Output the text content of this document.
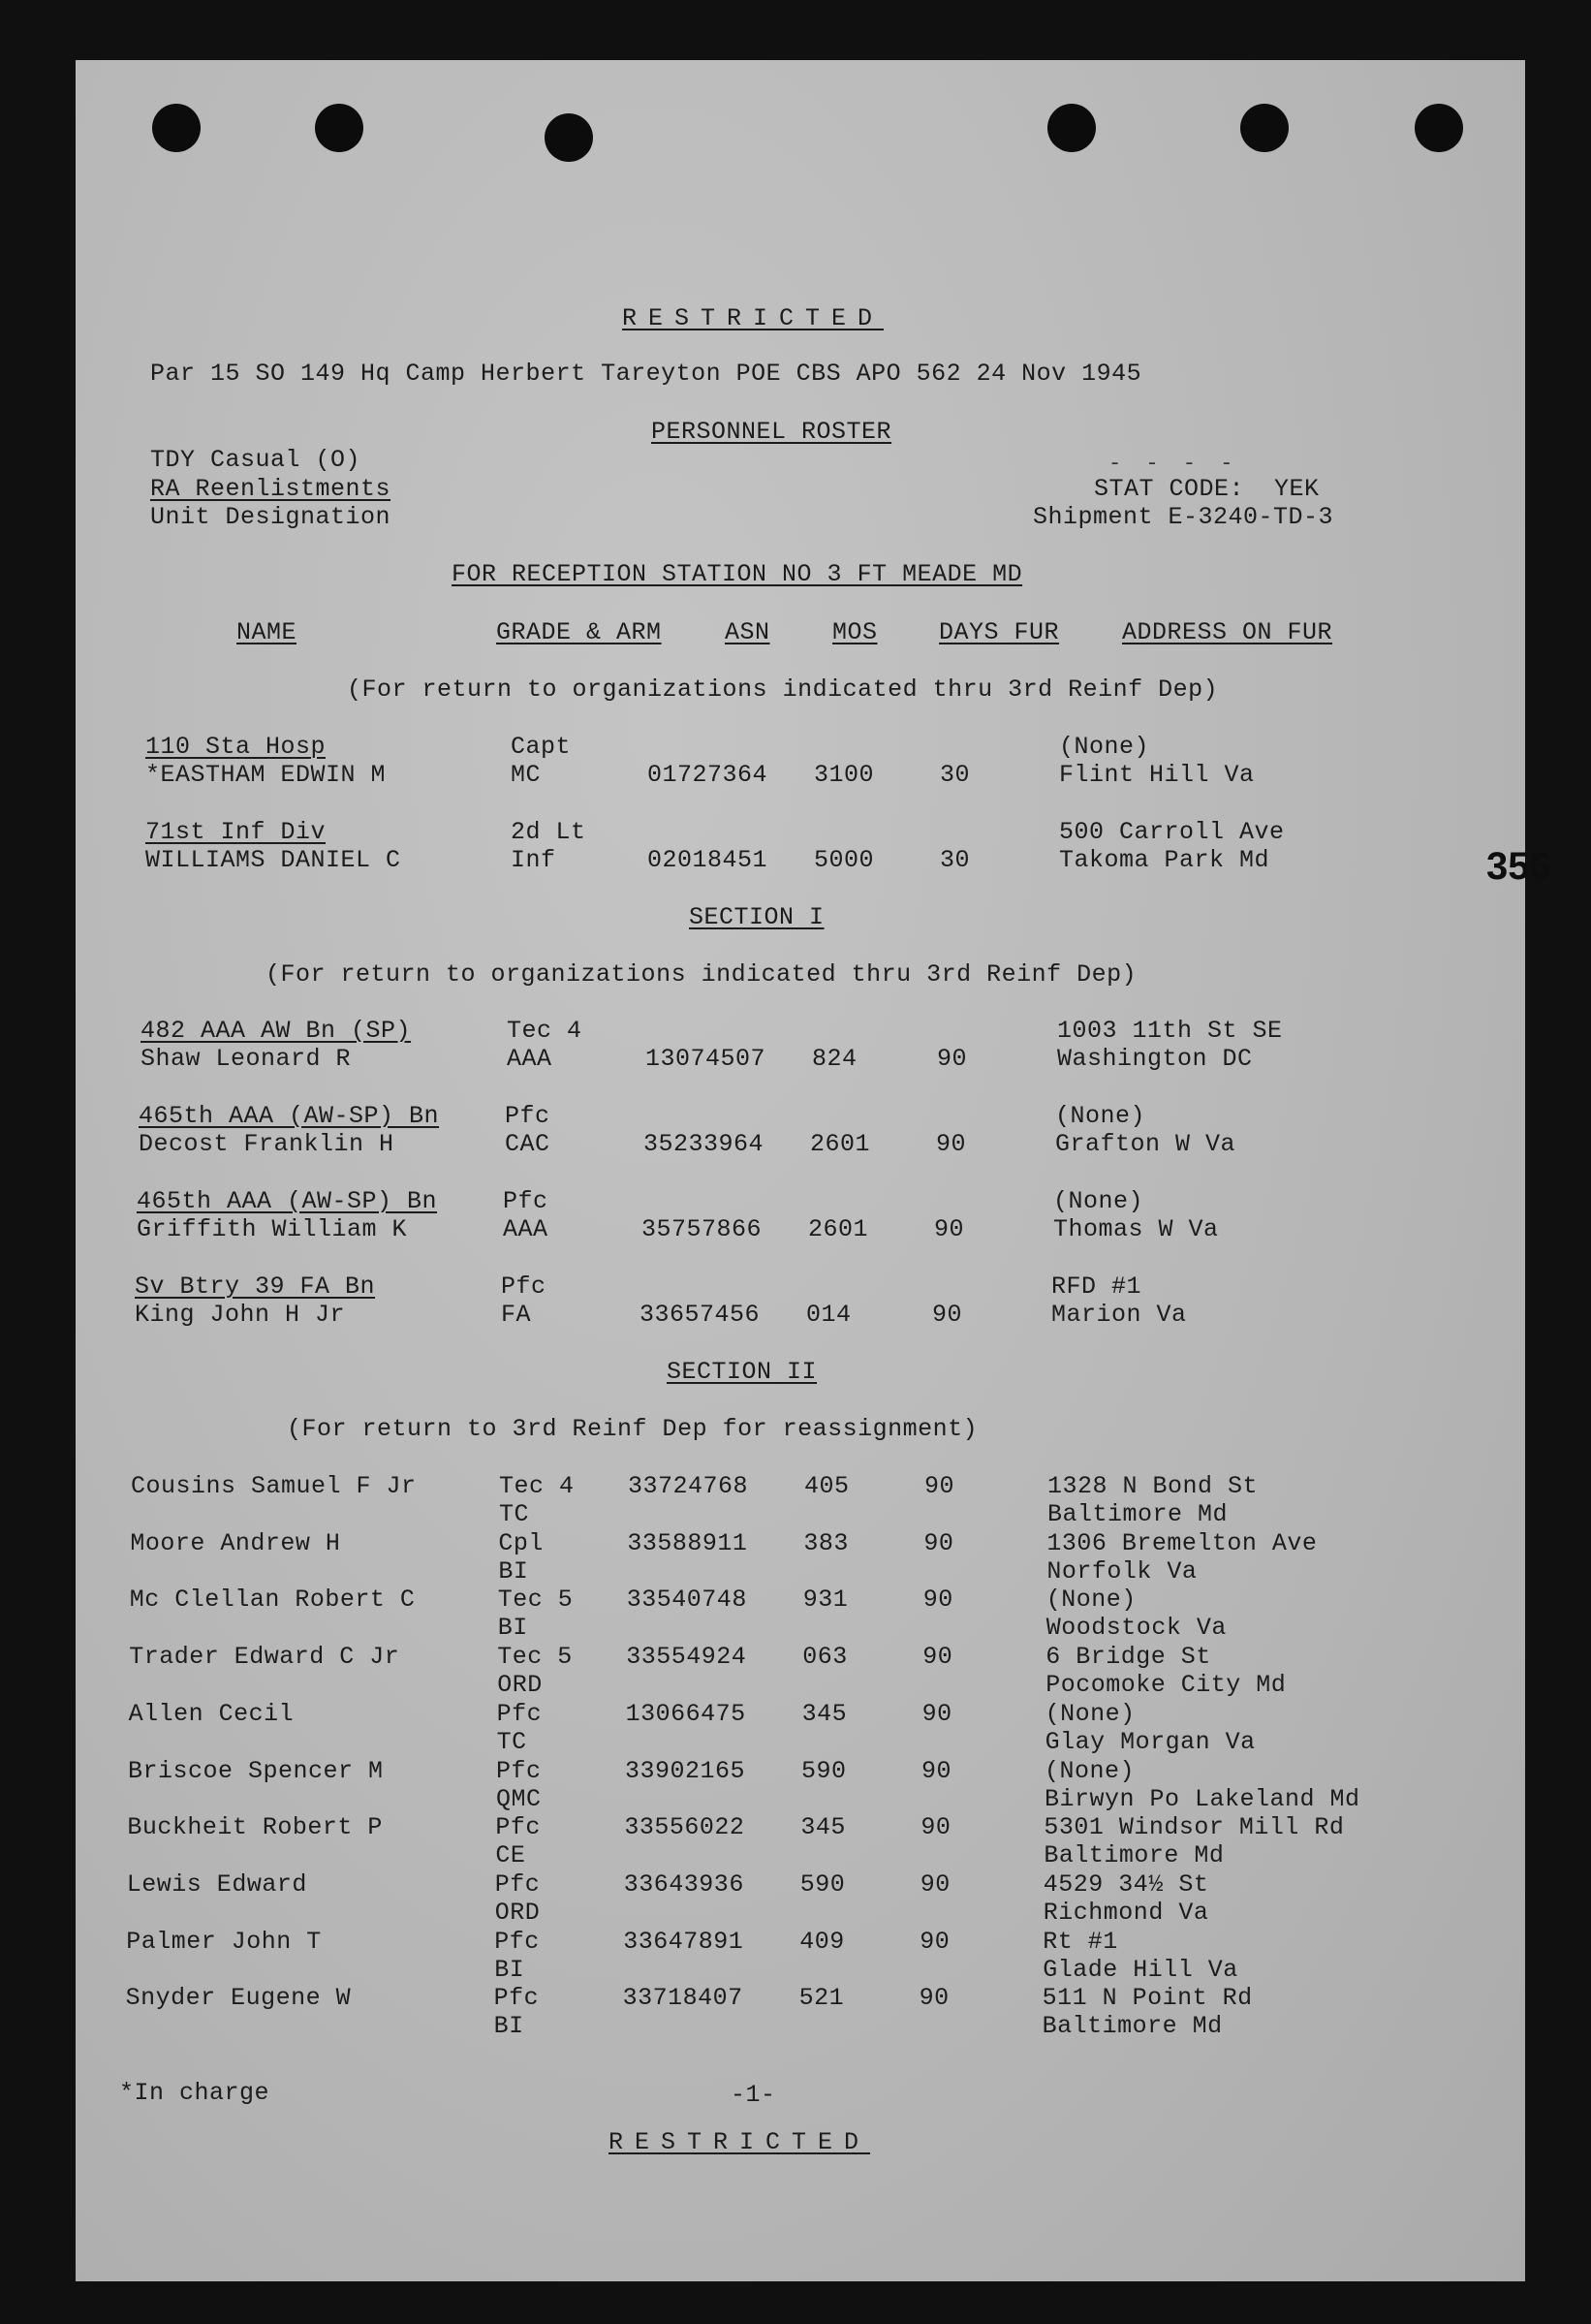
RESTRICTED
Par 15 SO 149 Hq Camp Herbert Tareyton POE CBS APO 562 24 Nov 1945
PERSONNEL ROSTER
TDY Casual (O)
RA Reenlistments
Unit Designation
STAT CODE:  YEK
Shipment E-3240-TD-3
- - - -
FOR RECEPTION STATION NO 3 FT MEADE MD
NAME	GRADE & ARM	ASN	MOS	DAYS FUR	ADDRESS ON FUR
(For return to organizations indicated thru 3rd Reinf Dep)
110 Sta Hosp	Capt	(None)
*EASTHAM EDWIN M	MC	01727364 3100	30	Flint Hill Va
71st Inf Div	2d Lt	500 Carroll Ave
WILLIAMS DANIEL C	Inf	02018451 5000	30	Takoma Park Md	356
SECTION I
(For return to organizations indicated thru 3rd Reinf Dep)
482 AAA AW Bn (SP)	Tec 4	1003 11th St SE
Shaw Leonard R	AAA	13074507 824	90	Washington DC
465th AAA (AW-SP) Bn	Pfc	(None)
Decost Franklin H	CAC	35233964 2601	90	Grafton W Va
465th AAA (AW-SP) Bn	Pfc	(None)
Griffith William K	AAA	35757866 2601	90	Thomas W Va
Sv Btry 39 FA Bn	Pfc	RFD #1
King John H Jr	FA	33657456 014	90	Marion Va
SECTION II
(For return to 3rd Reinf Dep for reassignment)
Cousins Samuel F Jr	Tec 4 33724768 405	90	1328 N Bond St
TC	Baltimore Md
Moore Andrew H	Cpl	33588911 383	90	1306 Bremelton Ave
BI	Norfolk Va
Mc Clellan Robert C	Tec 5 33540748 931	90	(None)
BI	Woodstock Va
Trader Edward C Jr	Tec 5 33554924 063	90	6 Bridge St
ORD	Pocomoke City Md
Allen Cecil	Pfc	13066475 345	90	(None)
TC	Glay Morgan Va
Briscoe Spencer M	Pfc	33902165 590	90	(None)
QMC	Birwyn Po Lakeland Md
Buckheit Robert P	Pfc	33556022 345	90	5301 Windsor Mill Rd
CE	Baltimore Md
Lewis Edward	Pfc	33643936 590	90	4529 34½ St
ORD	Richmond Va
Palmer John T	Pfc	33647891 409	90	Rt #1
BI	Glade Hill Va
Snyder Eugene W	Pfc	33718407 521	90	511 N Point Rd
BI	Baltimore Md
*In charge	-1-
RESTRICTED
